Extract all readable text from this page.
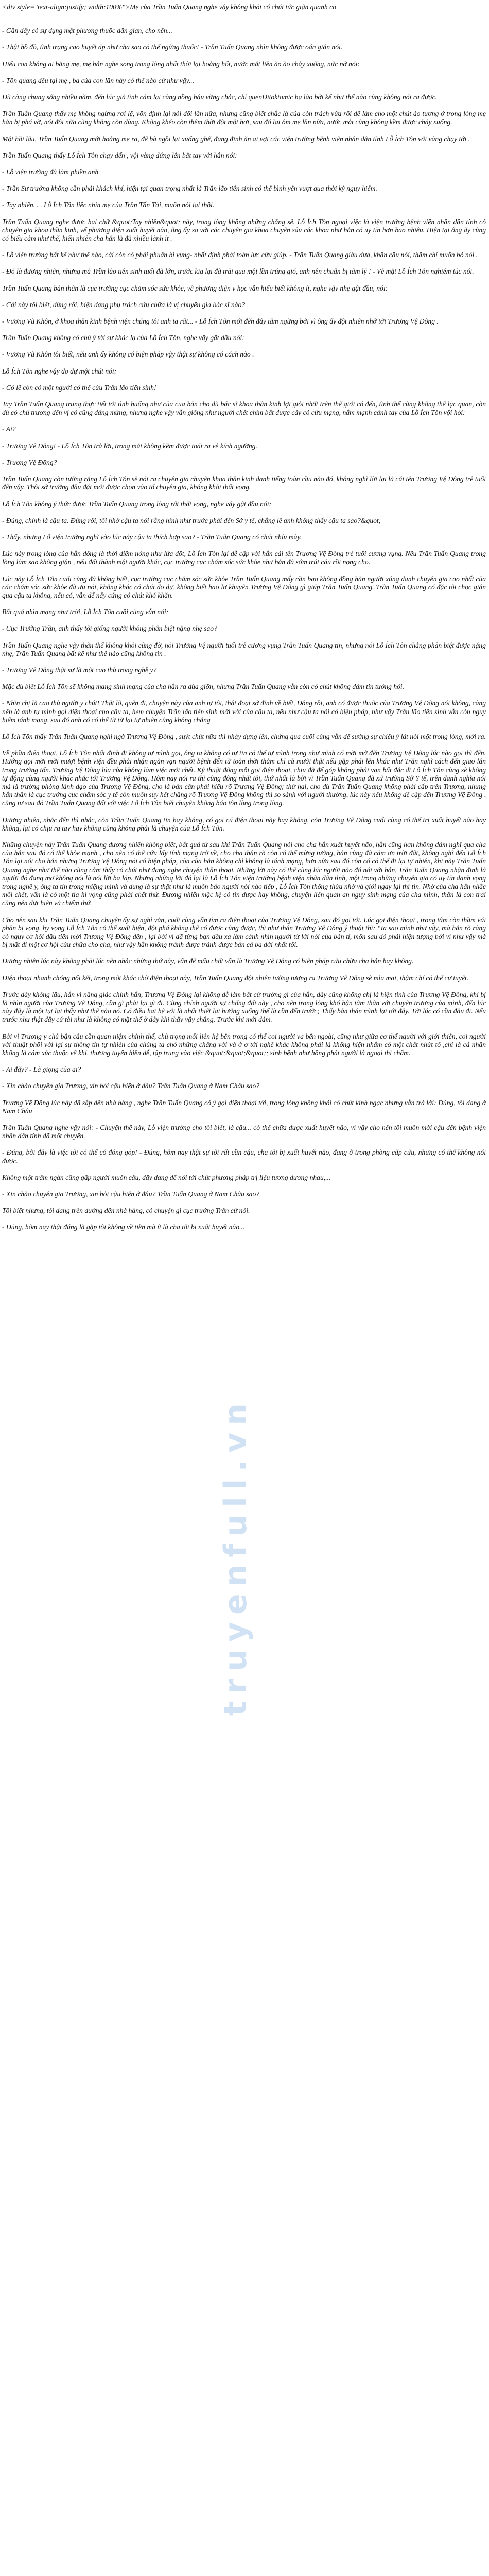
<div style="text-align:justify; width:100%">Mẹ của Trần Tuấn Quang nghe vậy không khỏi có chút tức giận quanh co
- Gần đây có sự đụng mặt phương thuốc dân gian, cho nên...
- Thật hồ đồ, tình trạng cao huyết áp như cha sao có thể ngừng thuốc! - Trần Tuấn Quang nhìn không được oán giận nói.
Hiểu con không ai bằng mẹ, mẹ hẳn nghe song trong lòng nhất thời lại hoảng hốt, nước mắt liền ào ào chảy xuống, nức nở nói:
- Tôn quang đều tại mẹ , ba của con lần này có thể nào cứ như vậy...
Dù càng chung sống nhiều năm, đến lúc già tình cảm lại càng nồng hậu vững chắc, chỉ quenDitoktomic hạ lão bởi kể như thế nào cũng không nói ra được.
Trần Tuấn Quang thấy mẹ không ngừng rơi lệ, vốn định lại nói đôi lần nữa, nhưng cũng biết chắc là của còn trách vừa rồi để làm cho một chút áo tương ở trong lòng mẹ hẳn bị phá vỡ, nói đôi nữa cũng không còn dùng. Không khéo còn thêm thời đột một hơi, sau đó lại ôm mẹ lần nữa, nước mắt cũng không kềm được chảy xuống.
Một hồi lâu, Trần Tuấn Quang mới hoảng mẹ ra, để bà ngồi lại xuống ghế, đang định ăn ai vợi các viện trưởng bệnh viện nhân dân tỉnh Lỗ Ích Tôn với vàng chạy tới .
Trần Tuấn Quang thấy Lỗ Ích Tôn chạy đến , vội vàng đứng lên bắt tay với hắn nói:
- Lỗ viện trưởng đã làm phiền anh
- Trần Sư trưởng không cần phải khách khí, hiện tại quan trọng nhất là Trần lão tiên sinh có thể bình yên vượt qua thời kỳ nguy hiểm.
- Tay nhiên. . . Lỗ Ích Tôn liếc nhìn mẹ của Trần Tấn Tài, muốn nói lại thôi.
Trần Tuấn Quang nghe được hai chữ &quot;Tay nhiên&quot; này, trong lòng không những chẳng sẽ. Lỗ Ích Tôn ngoại việc là viện trưởng bệnh viện nhân dân tỉnh cò chuyên gia khoa thần kinh, vế phương diện xuất huyết não, ông ấy so với các chuyên gia khoa chuyên sâu các khoa như hắn có uy tín hơn bao nhiêu. Hiện tại ông ấy cũng có biểu cảm như thế, hiển nhiên cha hẳn là đã nhiều lành ít .
- Lỗ viện trưởng bất kể như thế nào, cái còn có phải phuân bị vụng- nhất định phải toàn lực cứu giúp. - Trần Tuấn Quang giàu đưa, khẩn cầu nói, thậm chí muốn bỏ nói .
- Đó là đương nhiên, nhưng mà Trần lão tiên sinh tuổi đã lớn, trước kia lại đã trải qua một lần trúng gió, anh nên chuẩn bị tâm lý ! - Vẻ mặt Lỗ Ích Tôn nghiêm túc nói.
Trần Tuấn Quang bản thân là cục trưởng cục chăm sóc sức khỏe, về phương diện y học vẫn hiểu biết không ít, nghe vậy nhẹ gật đầu, nói:
- Cái này tôi biết, đúng rồi, hiện đang phụ trách cứu chữa là vị chuyên gia bác sĩ nào?
- Vương Vũ Khôn, ở khoa thần kinh bệnh viện chúng tôi anh ta rất... - Lỗ Ích Tôn mới đến đây tâm ngừng bởi vì ông ấy đột nhiên nhớ tới Trương Vệ Đông .
Trần Tuấn Quang không có chú ý tới sự khác lạ của Lỗ Ích Tôn, nghe vậy gật đầu nói:
- Vương Vũ Khôn tôi biết, nếu anh ấy không có biện pháp vậy thật sự không có cách nào .
Lỗ Ích Tôn nghe vậy do dự một chút nói:
- Có lẽ còn có một người có thể cứu Trần lão tiên sinh!
Tay Trần Tuấn Quang trung thực tiết tới tình huống như của cua bản cho dù bác sĩ khoa thần kinh lợi giỏi nhất trên thế giới có đến, tình thế cũng không thể lạc quan, còn đủ có chủ trương đến vị có cũng đáng mừng, nhưng nghe vậy vẫn giống như người chết chìm bắt được cây cỏ cứu mạng, nắm mạnh cánh tay của Lỗ Ích Tôn vội hỏi:
- Ai?
- Trương Vệ Đông! - Lỗ Ích Tôn trả lời, trong mắt không kềm được toát ra vẻ kính ngưỡng.
- Trương Vệ Đông?
Trần Tuấn Quang còn tưởng rằng Lỗ Ích Tôn sẽ nói ra chuyên gia chuyên khoa thần kinh danh tiếng toàn cầu nào đó, không nghĩ lời lại là cái tên Trương Vệ Đông trẻ tuổi đến vậy. Thôi sở trường đầu đặt mới được chọn vào tổ chuyên gia, không khỏi thất vọng.
Lỗ Ích Tôn không ý thức được Trần Tuấn Quang trong lòng rất thất vọng, nghe vậy gật đầu nói:
- Đúng, chính là cậu ta. Đúng rồi, tối nhớ cậu ta nói rằng hình như trước phải đến Sở y tế, chắng lẽ anh không thấy cậu ta sao?&quot;
- Thấy, nhưng Lỗ viện trưởng nghĩ vào lúc này cậu ta thích hợp sao? - Trần Tuấn Quang có chút nhíu mày.
Lúc này trong lòng của hắn đồng là thời điểm nóng như lửa đốt, Lỗ Ích Tôn lại dễ cập với hắn cái tên Trương Vệ Đông trẻ tuổi cương vụng. Nếu Trần Tuấn Quang trong lòng làm sao không giận , nếu đổi thành một người khác, cục trưởng cục chăm sóc sức khỏe như hắn đã sớm trút cáu rồi nọng cho.
Lúc này Lỗ Ích Tôn cuối cùng đã không biết, cục trưởng cục chăm sóc sức khỏe Trần Tuấn Quang mấy cần bao không đồng hàn người xúng danh chuyên gia cao nhất của các chăm sóc sức khỏe đã ưu nói, không khác có chút do dự, không biết bao lơ khuyên Trương Vệ Đông gì giúp Trần Tuấn Quang. Trần Tuấn Quang có đặc tôi chọc giận qua cậu ta không, nếu có, vẫn để nấy cứng có chút khó khăn.
Bất quá nhìn mạng như trời, Lỗ Ích Tôn cuối cùng vẫn nói:
- Cục Trưởng Trần, anh thấy tôi giống người không phân biệt nặng nhẹ sao?
Trần Tuấn Quang nghe vậy thân thể không khỏi cũng đờ, nói Trương Vệ người tuổi trẻ cương vụng Trần Tuấn Quang tin, nhưng nói Lỗ Ích Tôn chẳng phân biệt được nặng nhẹ, Trần Tuấn Quang bất kể như thế nào cũng không tin .
- Trương Vệ Đông thật sự là một cao thủ trong nghề y?
Mặc dù biết Lỗ Ích Tôn sẽ không mang sinh mạng của cha hắn ra đùa giỡn, nhưng Trần Tuấn Quang vẫn còn có chút không dám tin tưởng hỏi.
- Nhìn chị là cao thủ người y chút! Thật lộ, quên đi, chuyện này của anh tự tôi, thật đoạt sở đình về biết, Đông rồi, anh có được thuộc của Trương Vệ Đông nói không, càng nên là anh tự mình gọi điện thoại cho cậu ta, hem chuyện Trần lão tiên sinh mới với của cậu ta, nếu như cậu ta nói có biện pháp, như vậy Trần lão tiên sinh vẫn còn nguy hiểm tánh mạng, sau đó anh có có thể từ từ lại tự nhiên cũng không chẳng
Lỗ Ích Tôn thấy Trần Tuấn Quang nghi ngờ Trương Vệ Đông , suýt chút nữa thì nhảy dựng lên, chứng qua cuối cùng vẫn để sướng sự chiêu ý lát nói một trong lòng, mới ra.
Về phần điện thoại, Lỗ Ích Tôn nhất định đi không tự mình gọi, ông ta không có tự tin có thể tự mình trong như mình có mời mở đến Trương Vệ Đông lúc nào gọi thì đến. Hướng gọi mời mời mượt bệnh viện đều phải nhận ngàn vạn người bệnh đến từ toàn thời thắm chỉ cả mười thật nếu gặp phải lên khác như Trần nghĩ cách đến giao lân trong trường tốn. Trương Vệ Đông lúa của không làm việc mới chết. Kỹ thuật đông mỗi gọi điện thoại, chịu đã để góp không phải vạn bất đắc dĩ Lỗ Ích Tôn cũng sẽ không tự động cùng người khác nhắc tới Trương Vệ Đông. Hôm nay nói ra thì cũng đông nhất tôi, thứ nhất là bởi vì Trần Tuấn Quang đã xứ trường Sở Y tế, trên danh nghĩa nói mà là trường phòng lành đạo của Trương Vệ Đông, cho là bản cần phải hiểu rõ Trương Vệ Đông; thứ hai, cho dù Trần Tuấn Quang không phải cấp trên Trương, nhưng hắn thân là cục trưởng cục chăm sóc y tế còn muốn suy hết chăng rõ Trương Vệ Đông không thì so sánh với người thường, lúc này nếu không đề cập đến Trương Vệ Đông , cũng tự sau đó Trần Tuấn Quang đối với việc Lỗ Ích Tôn biết chuyện không báo tôn lòng trong lòng.
Dương nhiên, nhắc đến thì nhắc, còn Trần Tuấn Quang tin hay không, có gọi cú điện thoại này hay không, còn Trương Vệ Đông cuối cùng có thể trị xuất huyết não hay không, lại có chịu ra tay hay không cũng không phải là chuyện của Lỗ Ích Tôn.
Những chuyện này Trần Tuấn Quang đương nhiên không biết, bất quá từ sau khi Trần Tuấn Quang nói cho cha hắn xuất huyết não, hắn cũng hơn không đám nghĩ qua cha của hắn sau đó có thể khỏe mạnh , cho nên có thể cứu lấy tính mạng trở về, cho cha thân rõ còn có thể mừng tường, bản cũng đã cảm ơn trời đất, không nghĩ đến Lỗ Ích Tôn lại nói cho hắn nhưng Trương Vệ Đông nói có biện pháp, còn của hắn không chỉ không là tánh mạng, hơn nữa sau đó còn có có thể đi lại tự nhiên, khi này Trần Tuấn Quang nghe như thế nào cũng cảm thấy có chút như đang nghe chuyện thần thoại. Những lời này có thể cùng lúc người nào đó nói với hắn, Trần Tuấn Quang nhận định là người đó đang mơ không nói là nói lời ba láp. Nhưng những lời đó lại là Lỗ Ích Tôn viện trưởng bệnh viện nhân dân tỉnh, một trong những chuyên gia có uy tín danh vọng trong nghề y, ông ta tin trong miệng mình và dung là sự thật như là muốn bảo người nói nào tiếp , Lỗ Ích Tôn thông thừa nhờ và giỏi ngay lại thì tin. Nhờ của cha hắn nhắc mối chết, vấn là có một tia hi vọng cũng phải chết thử. Đương nhiên mặc kệ có tin được hay không, chuyện liên quan an nguy sinh mạng của cha mình, thần là con trai cũng nên dựt hiện và chiếm thứ.
Cho nên sau khi Trần Tuấn Quang chuyện ấy sự nghỉ vắn, cuối cùng vẫn tìm ra điện thoại của Trương Vệ Đông, sau đó gọi tới. Lúc gọi điện thoại , trong tâm còn thầm vái phần bị vọng, hy vọng Lỗ Ích Tôn có thể suất hiện, đột phá không thể có được cũng được, thì như thân Trương Vệ Đông ý thuật thì: “ta sao mình như vậy, mà hắn rõ ràng có nguy cơ hồi đầu tiên mời Trương Vệ Đông đến , lại bởi vì đã từng bạn đầu xa làm cảnh nhìn người từ lời nói của bản tí, mốn sau đó phải hiện tượng bởi vì như vậy mà bị mất đi một cơ hội cứu chữa cho cha, như vậy hắn không tránh được tránh được bản cả ba đời nhất tối.
Dương nhiên lúc này không phải lúc nên nhắc những thứ này, vẫn để mấu chốt vẫn là Trương Vệ Đông có biện pháp cứu chữa cha hắn hay không.
Điện thoại nhanh chóng nối kết, trong một khác chờ điện thoại này, Trần Tuấn Quang đột nhiên tưởng tượng ra Trương Vệ Đông sẽ mỉa mai, thậm chí có thể cự tuyệt.
Trước đây không lâu, hắn vì năng giác chính hắn, Trương Vệ Đông lại không dễ làm bất cứ trường gì của hắn, đây cũng không chị là hiện tình của Trương Vệ Đông, khi bị là nhìn người của Trương Vệ Đông, cần gì phải lại gì đi. Cũng chính người sự chống đối này , cho nên trong lòng khó bận tâm thân với chuyện trương của mình, đến lúc này đây là một tụt lại thấy như thể nào nó. Có điều hai hệ với là nhất thiết lại hướng xuống thế là cần đến trước; Thấy bản thân mình lại tới đây. Tới lúc có cần đầu đi. Nếu trước như thật đây cứ tài như là không có mặt thể ở đây khi thấy vậy chẳng. Trước khi mới dám.
Bởi vì Trương y chủ bận câu cần quan niệm chính thế, chủ trọng mối liên hệ bên trong có thể coi người va bên ngoài, cũng như giữa cơ thể người với giới thiên, coi người với thuật phối với lại sự thông tin tự nhiên của chúng ta chó những chẳng với và ở ơ tới nghề khác không phải là không hiện nhắm có một chất nhứt tố ,chỉ là cá nhân không là cảm xúc thuộc về khí, thương tuyên hiền dễ, tập trung vào việc &quot;&quot;&quot;; sinh bệnh như hồng phát người là ngoại thì chấm.
- Ai đấy? - Là giọng của ai?
- Xin chào chuyên gia Trương, xin hỏi cậu hiện ở đâu? Trần Tuấn Quang ở Nam Châu sao?
Trương Vệ Đông lúc này đã sắp đến nhà hàng , nghe Trần Tuấn Quang có ý gọi điện thoại tới, trong lòng không khỏi có chút kinh ngạc nhưng vẫn trả lời: Đúng, tôi đang ở Nam Châu
Trần Tuấn Quang nghe vậy nói: - Chuyện thế này, Lỗ viện trưởng cho tôi biết, là cậu... có thể chữa được xuất huyết não, vì vậy cho nên tôi muốn mời cậu đến bệnh viện nhân dân tỉnh đã một chuyến.
- Đúng, bởi đây là việc tôi có thể có đóng góp! - Đúng, hôm nay thật sự tôi rất cần cậu, cha tôi bị xuất huyết não, đang ở trong phòng cấp cứu, nhưng có thể không nói được.
Không một trăm ngàn cũng gấp người muốn cầu, đây đang để nói tới chút phương pháp trị liệu tương đương nhau,...
- Xin chào chuyên gia Trương, xin hỏi cậu hiện ở đâu? Trần Tuấn Quang ở Nam Châu sao?
Tôi biết nhưng, tôi đang trên đường đến nhà hàng, có chuyện gì cục trưởng Trần cứ nói.
- Đúng, hôm nay thật đúng là gặp tôi không về tiền mà ít là cha tôi bị xuất huyết não...
truyenfull.vn
